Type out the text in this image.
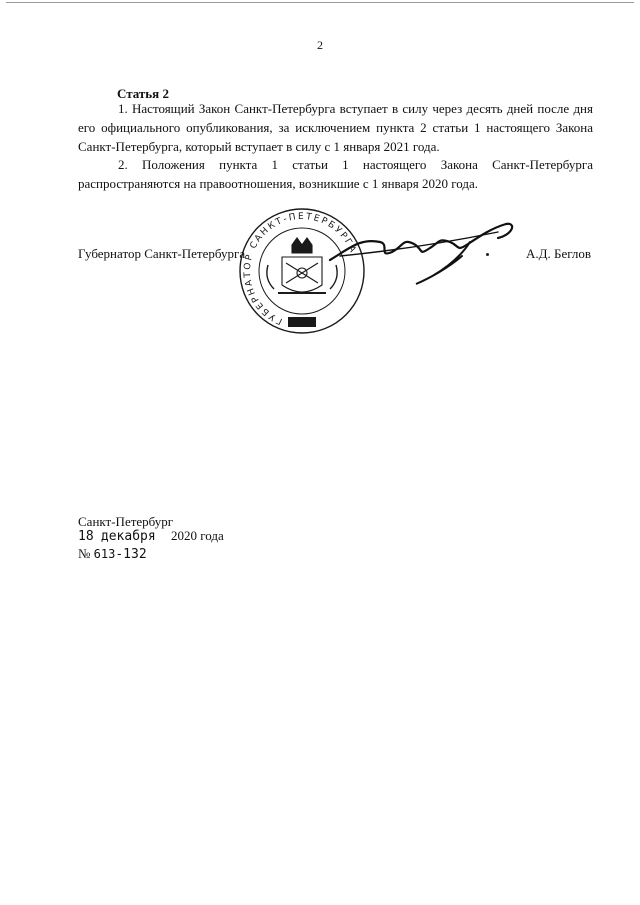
2
Статья 2
1. Настоящий Закон Санкт-Петербурга вступает в силу через десять дней после дня
его официального опубликования, за исключением пункта 2 статьи 1 настоящего Закона
Санкт-Петербурга, который вступает в силу с 1 января 2021 года.
2. Положения пункта 1 статьи 1 настоящего Закона Санкт-Петербурга
распространяются на правоотношения, возникшие с 1 января 2020 года.
Губернатор Санкт-Петербурга
ГУБЕРНАТОР САНКТ-ПЕТЕРБУРГА	А.Д. Беглов
Санкт-Петербург
18 декабря 2020 года
№ 613-132
